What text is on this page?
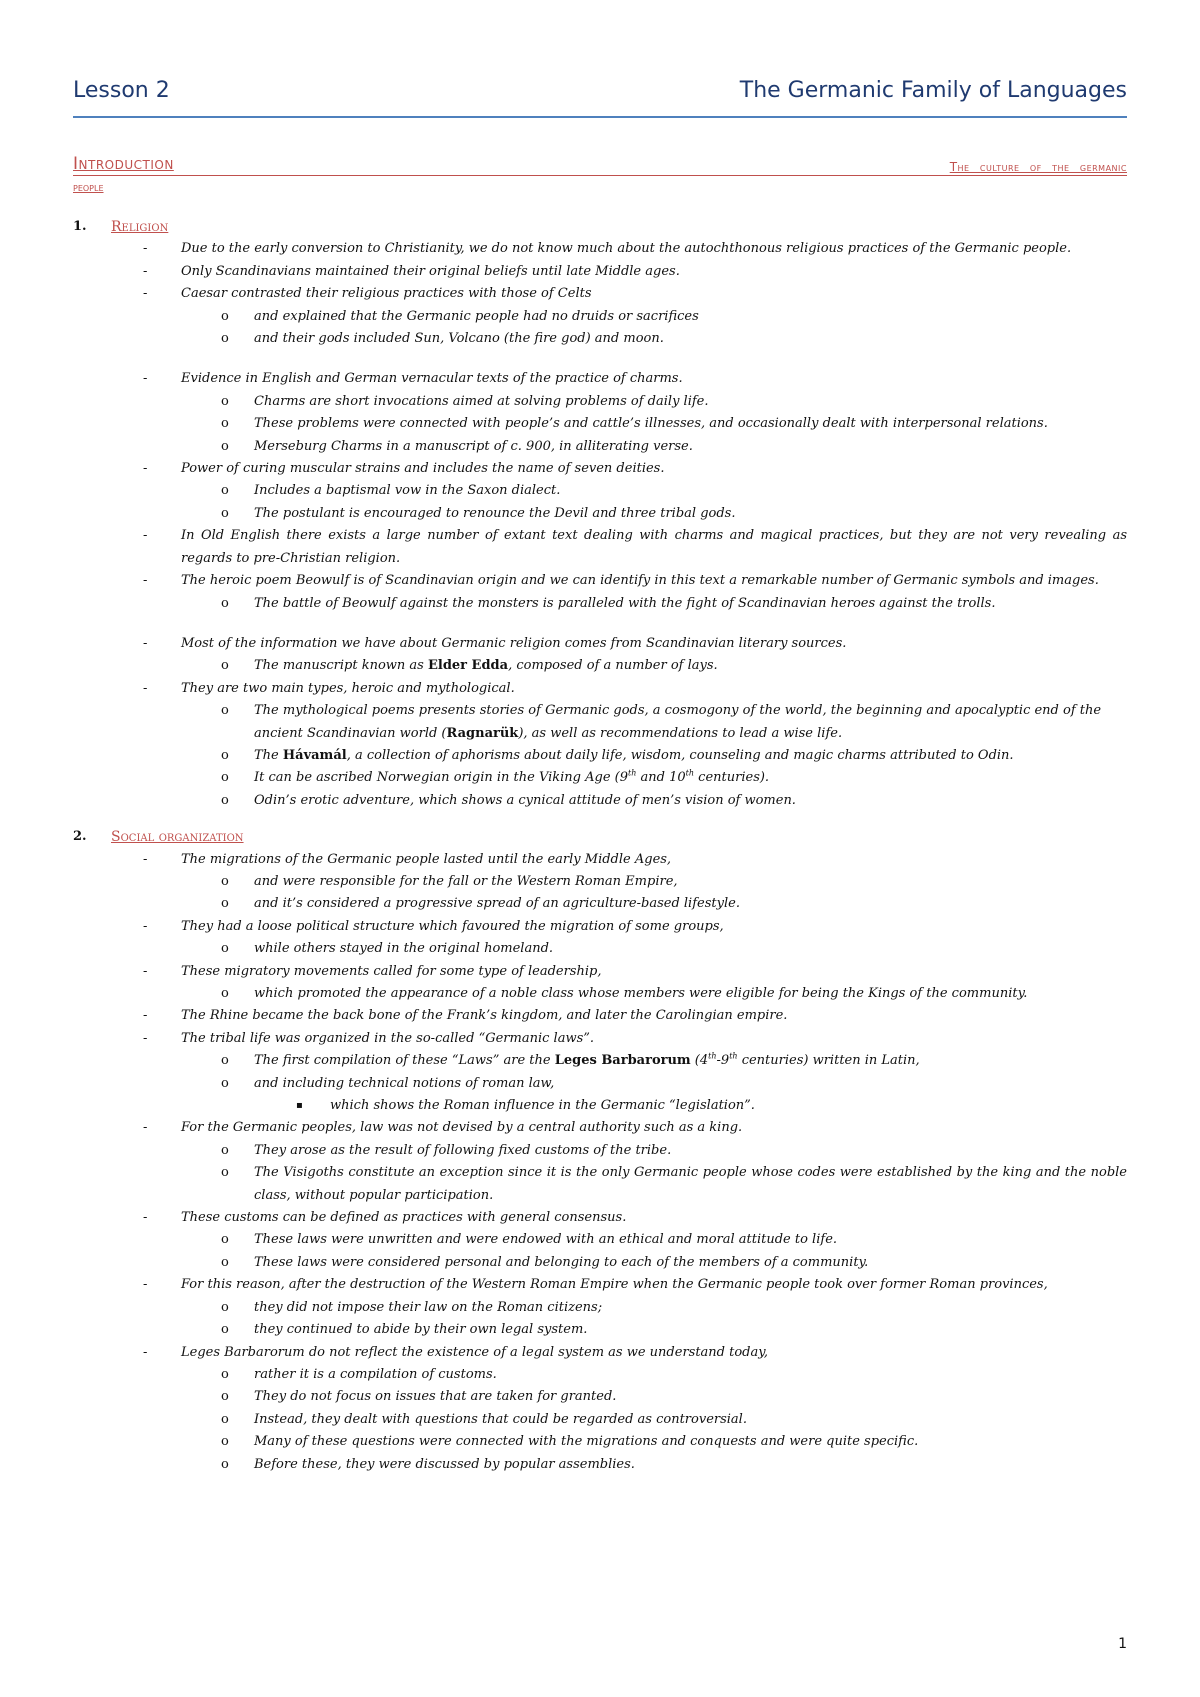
Lesson 2	The Germanic Family of Languages
Introduction	The culture of the germanic
people
1.	Religion
-	Due to the early conversion to Christianity, we do not know much about the autochthonous religious practices of the Germanic people.
-	Only Scandinavians maintained their original beliefs until late Middle ages.
-	Caesar contrasted their religious practices with those of Celts
o	and explained that the Germanic people had no druids or sacrifices
o	and their gods included Sun, Volcano (the fire god) and moon.
-	Evidence in English and German vernacular texts of the practice of charms.
o	Charms are short invocations aimed at solving problems of daily life.
o	These problems were connected with people’s and cattle’s illnesses, and occasionally dealt with interpersonal relations.
o	Merseburg Charms in a manuscript of c. 900, in alliterating verse.
-	Power of curing muscular strains and includes the name of seven deities.
o	Includes a baptismal vow in the Saxon dialect.
o	The postulant is encouraged to renounce the Devil and three tribal gods.
-	In Old English there exists a large number of extant text dealing with charms and magical practices, but they are not very revealing as regards to pre-Christian religion.
-	The heroic poem Beowulf is of Scandinavian origin and we can identify in this text a remarkable number of Germanic symbols and images.
o	The battle of Beowulf against the monsters is paralleled with the fight of Scandinavian heroes against the trolls.
-	Most of the information we have about Germanic religion comes from Scandinavian literary sources.
o	The manuscript known as Elder Edda, composed of a number of lays.
-	They are two main types, heroic and mythological.
o	The mythological poems presents stories of Germanic gods, a cosmogony of the world, the beginning and apocalyptic end of the ancient Scandinavian world (Ragnarük), as well as recommendations to lead a wise life.
o	The Hávamál, a collection of aphorisms about daily life, wisdom, counseling and magic charms attributed to Odin.
o	It can be ascribed Norwegian origin in the Viking Age (9th and 10th centuries).
o	Odin’s erotic adventure, which shows a cynical attitude of men’s vision of women.
2.	Social organization
-	The migrations of the Germanic people lasted until the early Middle Ages,
o	and were responsible for the fall or the Western Roman Empire,
o	and it’s considered a progressive spread of an agriculture-based lifestyle.
-	They had a loose political structure which favoured the migration of some groups,
o	while others stayed in the original homeland.
-	These migratory movements called for some type of leadership,
o	which promoted the appearance of a noble class whose members were eligible for being the Kings of the community.
-	The Rhine became the back bone of the Frank’s kingdom, and later the Carolingian empire.
-	The tribal life was organized in the so-called “Germanic laws”.
o	The first compilation of these “Laws” are the Leges Barbarorum (4th-9th centuries) written in Latin,
o	and including technical notions of roman law,
▪	which shows the Roman influence in the Germanic “legislation”.
-	For the Germanic peoples, law was not devised by a central authority such as a king.
o	They arose as the result of following fixed customs of the tribe.
o	The Visigoths constitute an exception since it is the only Germanic people whose codes were established by the king and the noble class, without popular participation.
-	These customs can be defined as practices with general consensus.
o	These laws were unwritten and were endowed with an ethical and moral attitude to life.
o	These laws were considered personal and belonging to each of the members of a community.
-	For this reason, after the destruction of the Western Roman Empire when the Germanic people took over former Roman provinces,
o	they did not impose their law on the Roman citizens;
o	they continued to abide by their own legal system.
-	Leges Barbarorum do not reflect the existence of a legal system as we understand today,
o	rather it is a compilation of customs.
o	They do not focus on issues that are taken for granted.
o	Instead, they dealt with questions that could be regarded as controversial.
o	Many of these questions were connected with the migrations and conquests and were quite specific.
o	Before these, they were discussed by popular assemblies.
1
